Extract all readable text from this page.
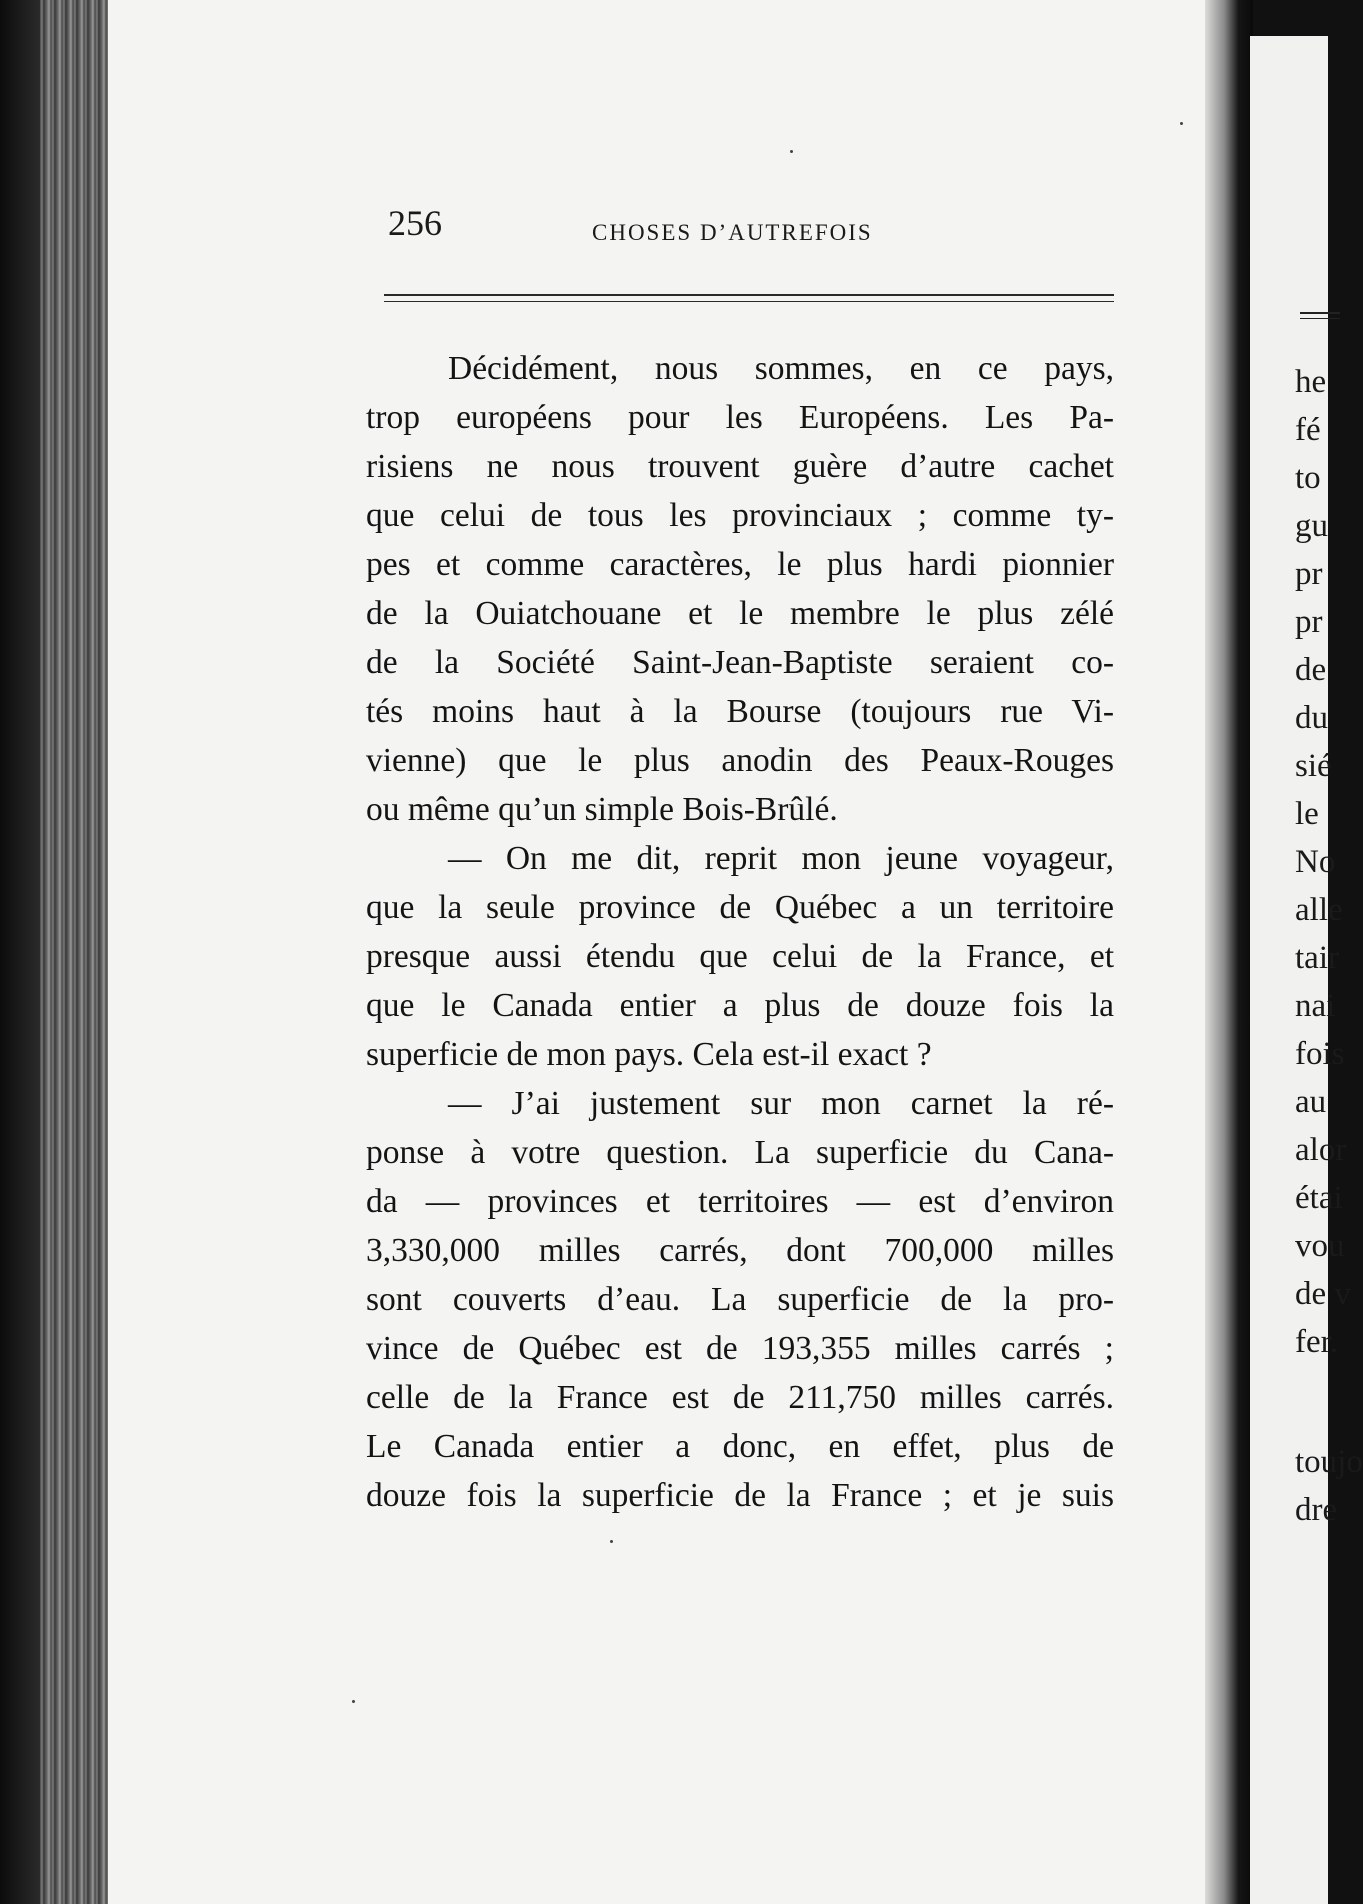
256	CHOSES D’AUTREFOIS
Décidément, nous sommes, en ce pays,
trop européens pour les Européens. Les Pa-
risiens ne nous trouvent guère d’autre cachet
que celui de tous les provinciaux ; comme ty-
pes et comme caractères, le plus hardi pionnier
de la Ouiatchouane et le membre le plus zélé
de la Société Saint-Jean-Baptiste seraient co-
tés moins haut à la Bourse (toujours rue Vi-
vienne) que le plus anodin des Peaux-Rouges
ou même qu’un simple Bois-Brûlé.
— On me dit, reprit mon jeune voyageur,
que la seule province de Québec a un territoire
presque aussi étendu que celui de la France, et
que le Canada entier a plus de douze fois la
superficie de mon pays. Cela est-il exact ?
— J’ai justement sur mon carnet la ré-
ponse à votre question. La superficie du Cana-
da — provinces et territoires — est d’environ
3,330,000 milles carrés, dont 700,000 milles
sont couverts d’eau. La superficie de la pro-
vince de Québec est de 193,355 milles carrés ;
celle de la France est de 211,750 milles carrés.
Le Canada entier a donc, en effet, plus de
douze fois la superficie de la France ; et je suis
he
fé
to
gu
pr
pr
de
du
sié
le
No
alle
tair
nai
fois
au
alor
étai
vou
de v
fer.
toujo
dre
